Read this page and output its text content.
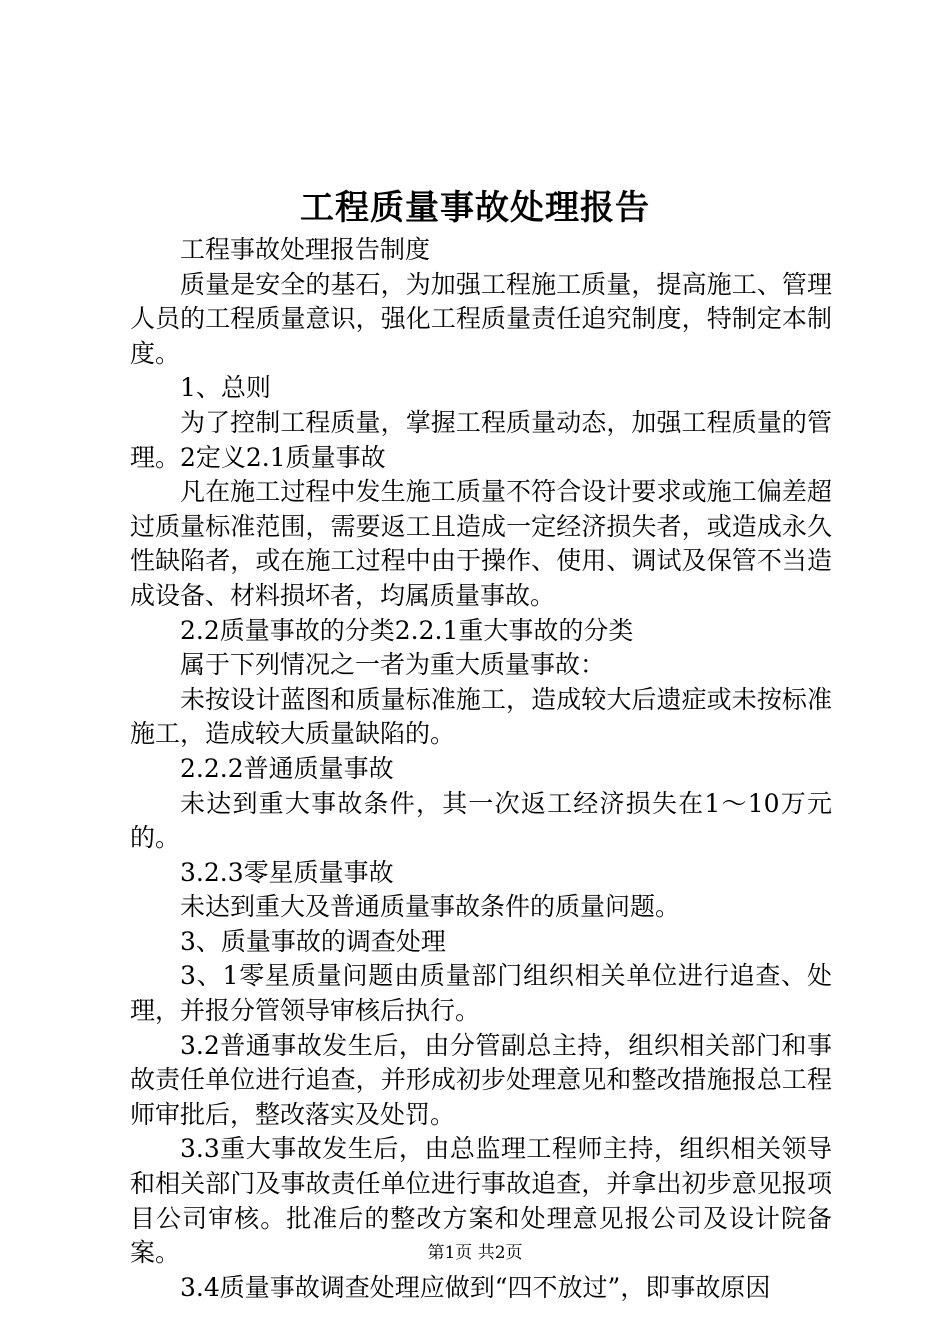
工程质量事故处理报告

工程事故处理报告制度

质量是安全的基石，为加强工程施工质量，提高施工、管理人员的工程质量意识，强化工程质量责任追究制度，特制定本制度。

1、总则

为了控制工程质量，掌握工程质量动态，加强工程质量的管理。2定义2.1质量事故

凡在施工过程中发生施工质量不符合设计要求或施工偏差超过质量标准范围，需要返工且造成一定经济损失者，或造成永久性缺陷者，或在施工过程中由于操作、使用、调试及保管不当造成设备、材料损坏者，均属质量事故。

2.2质量事故的分类2.2.1重大事故的分类

属于下列情况之一者为重大质量事故：

未按设计蓝图和质量标准施工，造成较大后遗症或未按标准施工，造成较大质量缺陷的。

2.2.2普通质量事故

未达到重大事故条件，其一次返工经济损失在1～10万元的。

3.2.3零星质量事故

未达到重大及普通质量事故条件的质量问题。

3、质量事故的调查处理

3、1零星质量问题由质量部门组织相关单位进行追查、处理，并报分管领导审核后执行。

3.2普通事故发生后，由分管副总主持，组织相关部门和事故责任单位进行追查，并形成初步处理意见和整改措施报总工程师审批后，整改落实及处罚。

3.3重大事故发生后，由总监理工程师主持，组织相关领导和相关部门及事故责任单位进行事故追查，并拿出初步意见报项目公司审核。批准后的整改方案和处理意见报公司及设计院备案。

3.4质量事故调查处理应做到“四不放过”，即事故原因

第1页 共2页
